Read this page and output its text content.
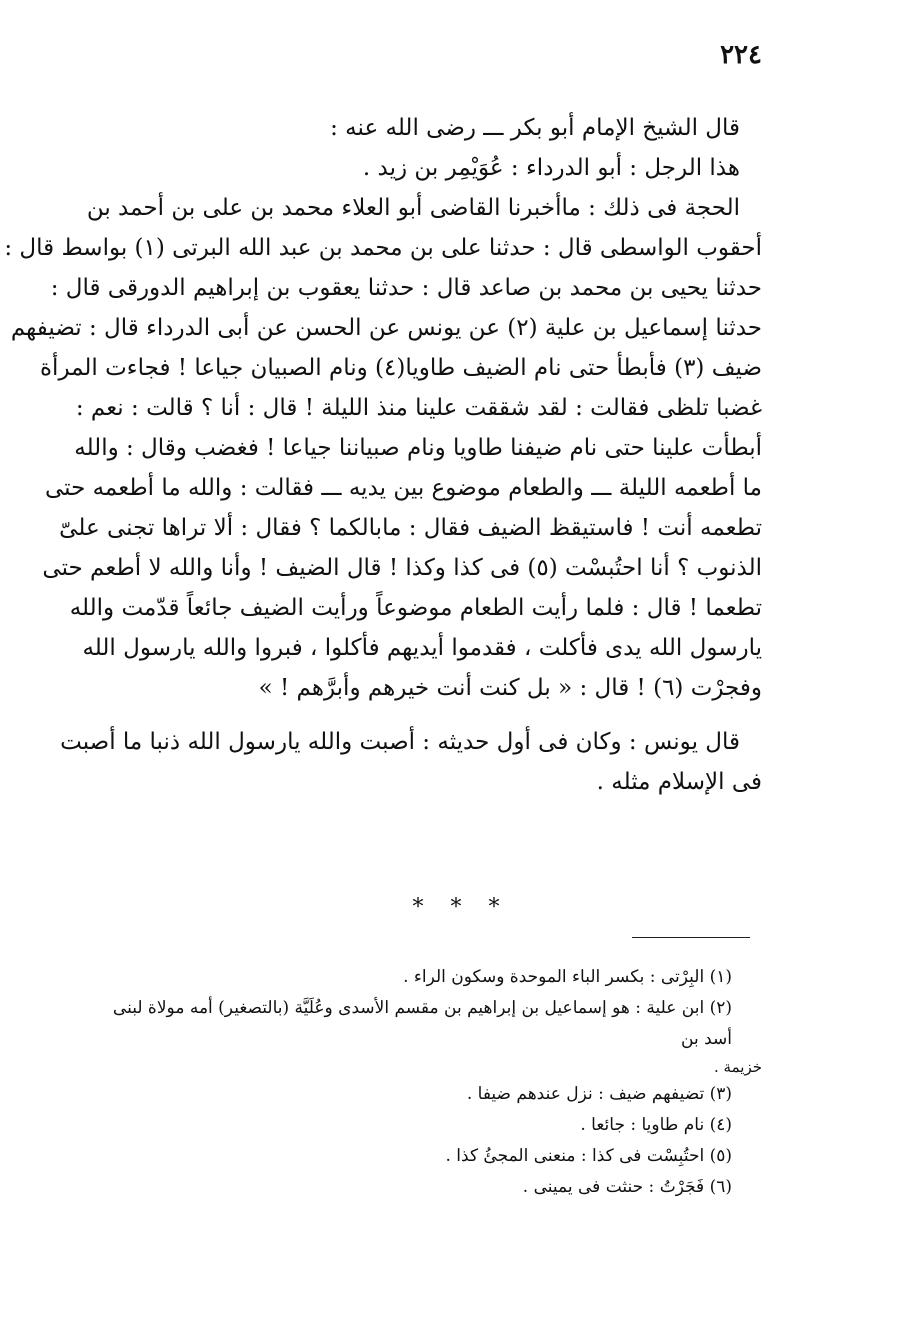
٢٢٤

قال الشيخ الإمام أبو بكر ـــ رضى الله عنه :
هذا الرجل : أبو الدرداء : عُوَيْمِر بن زيد .
الحجة فى ذلك : ماأخبرنا القاضى أبو العلاء محمد بن على بن أحمد بن
أحقوب الواسطى قال : حدثنا على بن محمد بن عبد الله البرتى (١) بواسط قال :
حدثنا يحيى بن محمد بن صاعد قال : حدثنا يعقوب بن إبراهيم الدورقى قال :
حدثنا إسماعيل بن علية (٢) عن يونس عن الحسن عن أبى الدرداء قال : تضيفهم
ضيف (٣) فأبطأ حتى نام الضيف طاويا(٤) ونام الصبيان جياعا ! فجاءت المرأة
غضبا تلظى فقالت : لقد شققت علينا منذ الليلة ! قال : أنا ؟ قالت : نعم :
أبطأت علينا حتى نام ضيفنا طاويا ونام صبياننا جياعا ! فغضب وقال : والله
ما أطعمه الليلة ـــ والطعام موضوع بين يديه ـــ فقالت : والله ما أطعمه حتى
تطعمه أنت ! فاستيقظ الضيف فقال : مابالكما ؟ فقال : ألا تراها تجنى علىّ
الذنوب ؟ أنا احتُبسْت (٥) فى كذا وكذا ! قال الضيف ! وأنا والله لا أطعم حتى
تطعما ! قال : فلما رأيت الطعام موضوعاً ورأيت الضيف جائعاً قدّمت والله
يارسول الله يدى فأكلت ، فقدموا أيديهم فأكلوا ، فبروا والله يارسول الله
وفجرْت (٦) ! قال : « بل كنت أنت خيرهم وأبرَّهم ! »
قال يونس : وكان فى أول حديثه : أصبت والله يارسول الله ذنبا ما أصبت
فى الإسلام مثله .

* * *

(١) البِرْتى : بكسر الباء الموحدة وسكون الراء .
(٢) ابن علية : هو إسماعيل بن إبراهيم بن مقسم الأسدى وعُلَيَّة (بالتصغير) أمه مولاة لبنى أسد بن
خزيمة .
(٣) تضيفهم ضيف : نزل عندهم ضيفا .
(٤) نام طاويا : جائعا .
(٥) احتُبِسْت فى كذا : منعنى المجئُ كذا .
(٦) فَجَرْتُ : حنثت فى يمينى .
